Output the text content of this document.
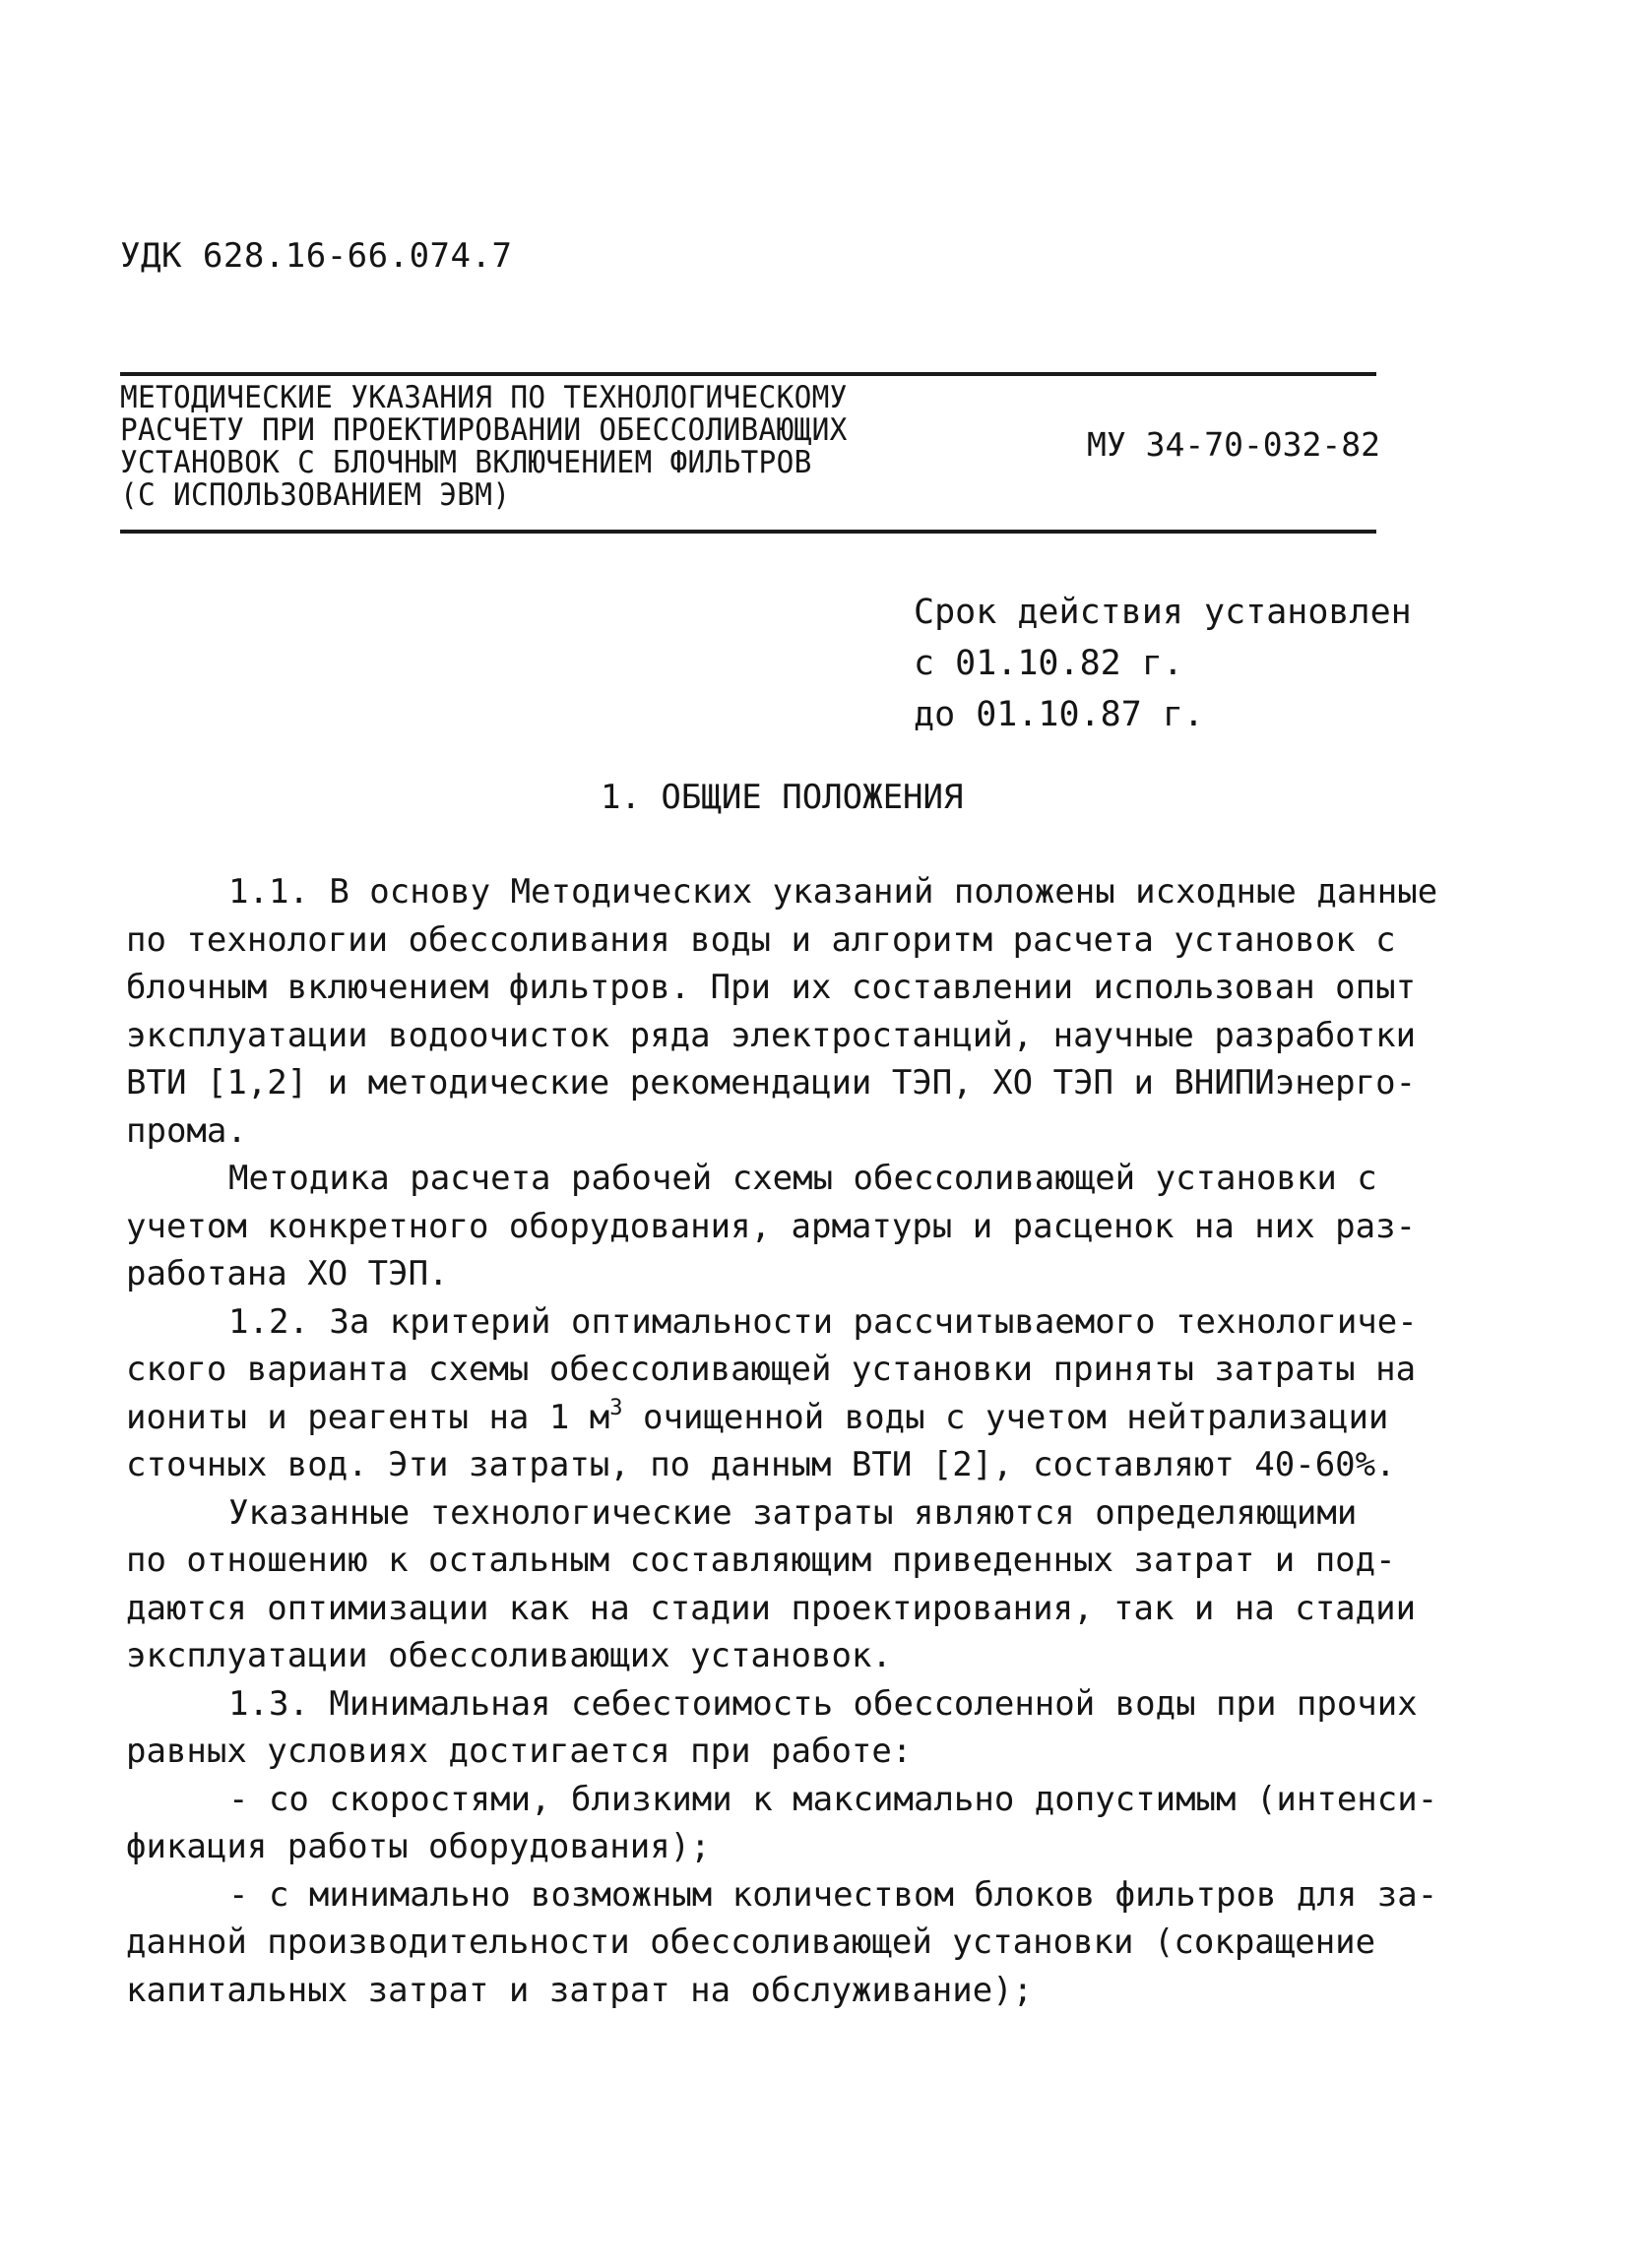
УДК 628.16-66.074.7
МЕТОДИЧЕСКИЕ УКАЗАНИЯ ПО ТЕХНОЛОГИЧЕСКОМУ
РАСЧЕТУ ПРИ ПРОЕКТИРОВАНИИ ОБЕССОЛИВАЮЩИХ
УСТАНОВОК С БЛОЧНЫМ ВКЛЮЧЕНИЕМ ФИЛЬТРОВ
(С ИСПОЛЬЗОВАНИЕМ ЭВМ)
МУ 34-70-032-82
Срок действия установлен
с 01.10.82 г.
до 01.10.87 г.
1. ОБЩИЕ ПОЛОЖЕНИЯ
1.1. В основу Методических указаний положены исходные данные
по технологии обессоливания воды и алгоритм расчета установок с
блочным включением фильтров. При их составлении использован опыт
эксплуатации водоочисток ряда электростанций, научные разработки
ВТИ [1,2] и методические рекомендации ТЭП, ХО ТЭП и ВНИПИэнерго-
прома.
Методика расчета рабочей схемы обессоливающей установки с
учетом конкретного оборудования, арматуры и расценок на них раз-
работана ХО ТЭП.
1.2. За критерий оптимальности рассчитываемого технологиче-
ского варианта схемы обессоливающей установки приняты затраты на
иониты и реагенты на 1 $м^3$ очищенной воды с учетом нейтрализации
сточных вод. Эти затраты, по данным ВТИ [2], составляют 40-60%.
Указанные технологические затраты являются определяющими
по отношению к остальным составляющим приведенных затрат и под-
даются оптимизации как на стадии проектирования, так и на стадии
эксплуатации обессоливающих установок.
1.3. Минимальная себестоимость обессоленной воды при прочих
равных условиях достигается при работе:
- со скоростями, близкими к максимально допустимым (интенси-
фикация работы оборудования);
- с минимально возможным количеством блоков фильтров для за-
данной производительности обессоливающей установки (сокращение
капитальных затрат и затрат на обслуживание);
